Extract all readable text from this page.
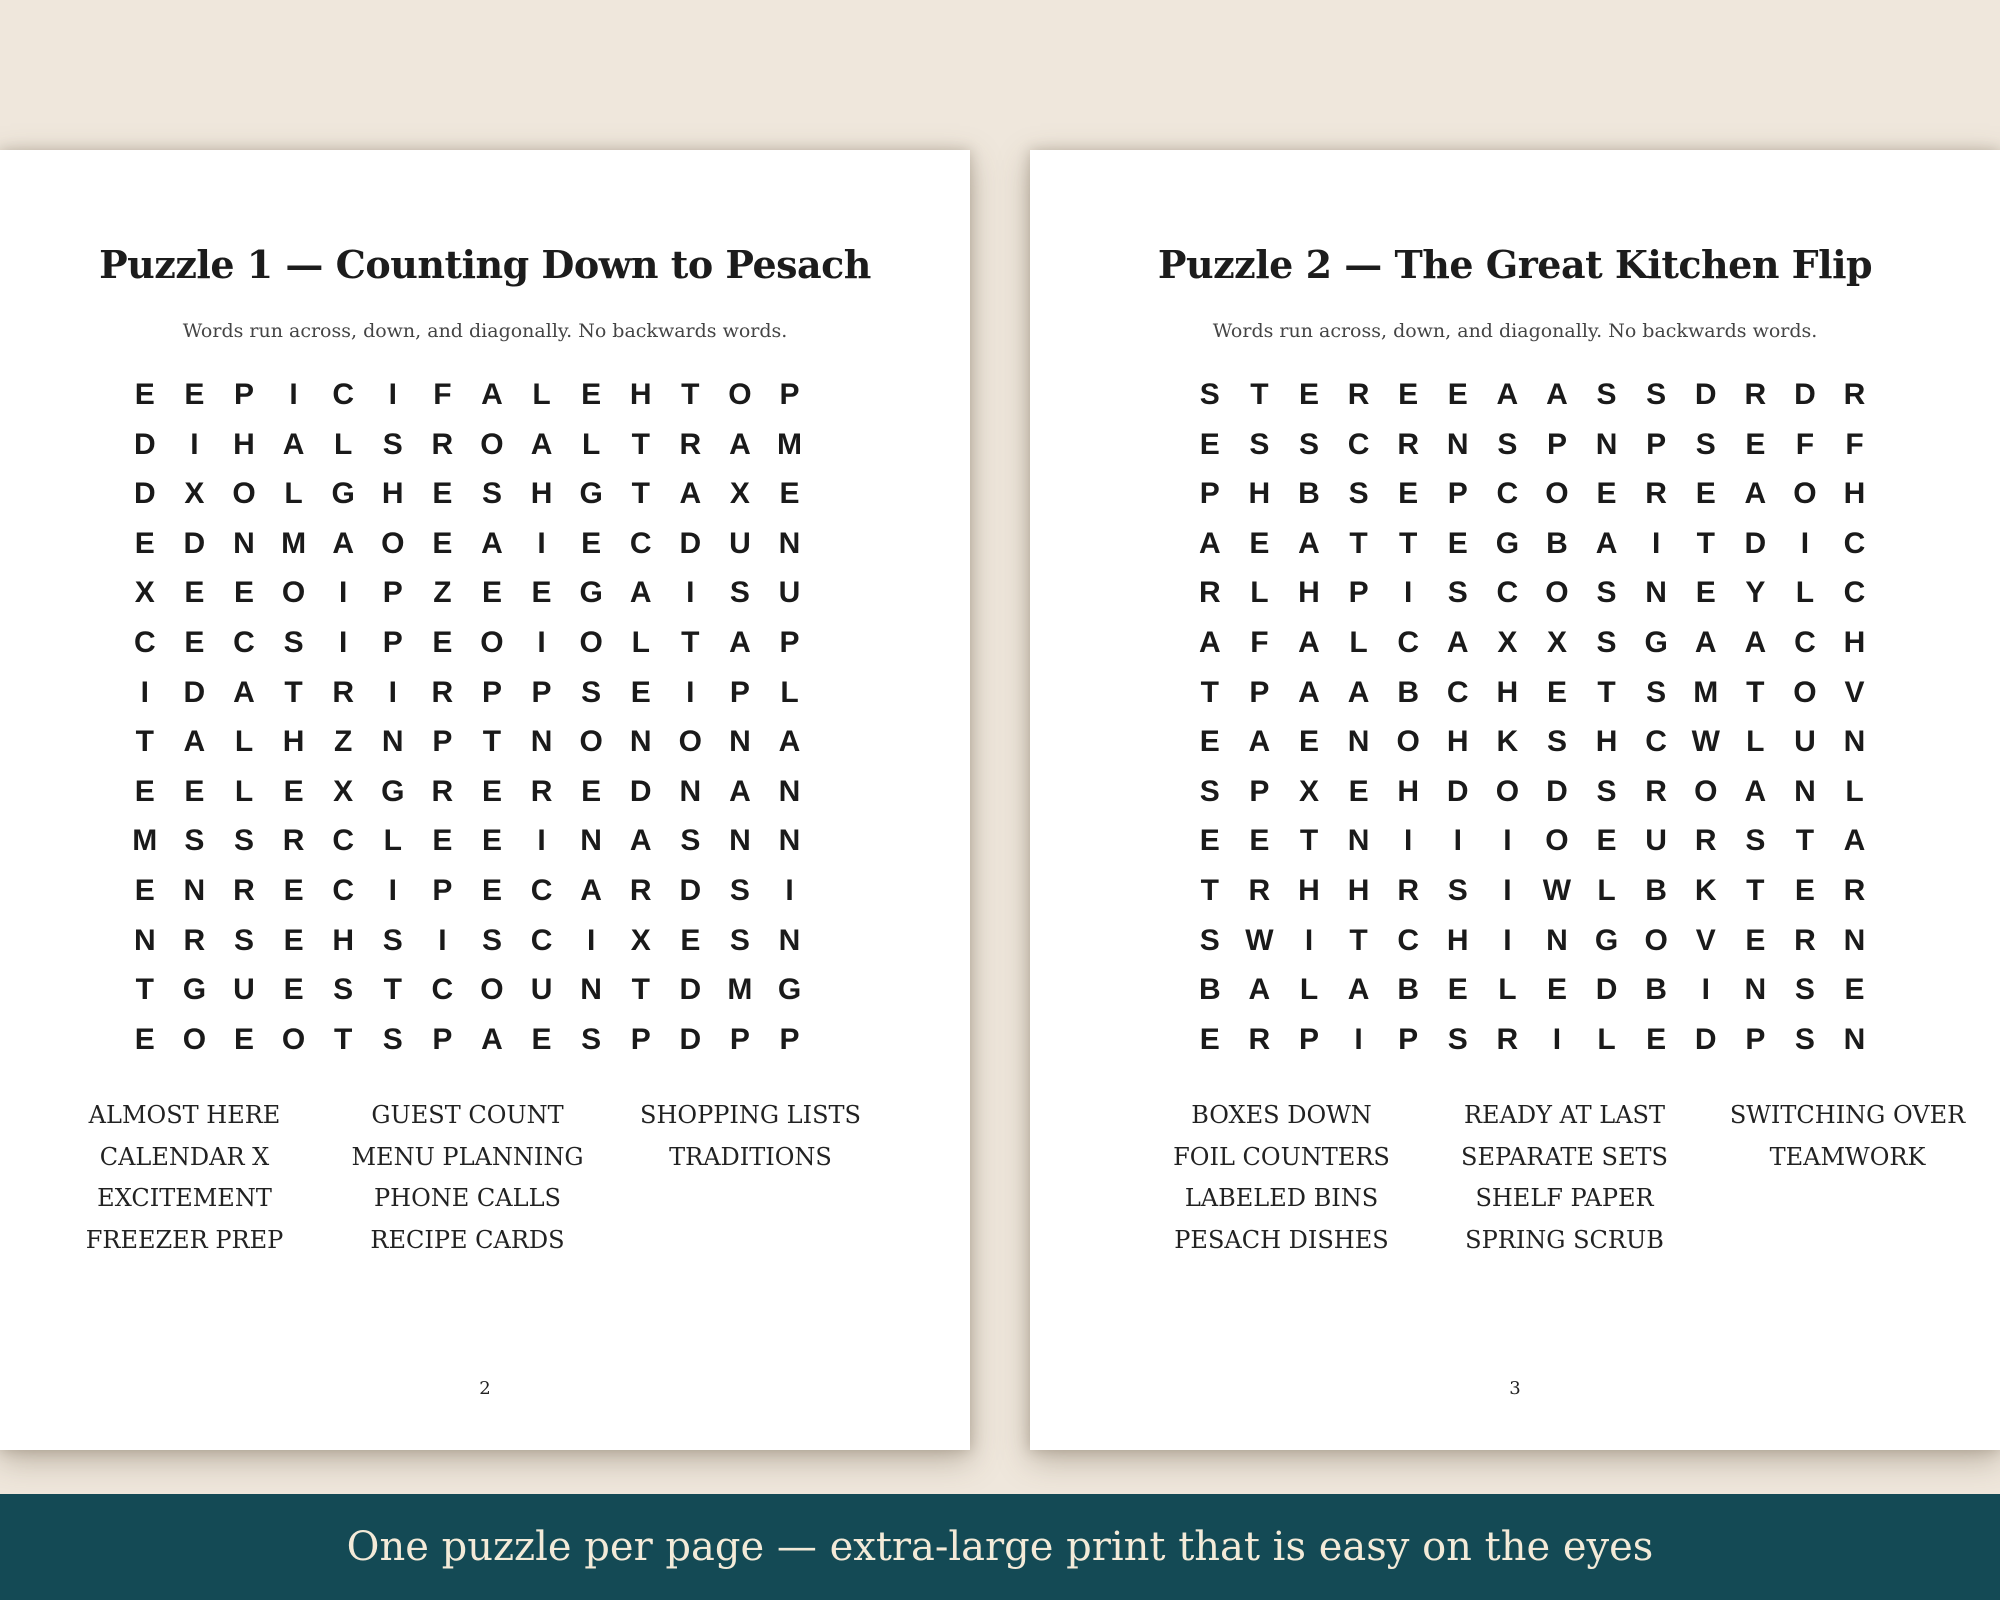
Puzzle 1 — Counting Down to Pesach
Words run across, down, and diagonally. No backwards words.
E E P	I	C	I	F A L	E H T O P
D	I	H A L	S R O A L	T R A M
D X O L G H E S H G T A X E
E D N M A O E A	I	E C D U N
X E E O	I	P	Z	E E G A	I	S U
C E C S	I	P E O	I	O L	T A P
I	D A T R	I	R P P S E	I	P	L
T A L H Z N P	T N O N O N A
E E	L	E X G R E R E D N A N
M S S R C L	E E	I	N A S N N
E N R E C	I	P E C A R D S	I
N R S E H S	I	S C	I	X E S N
T G U E S	T C O U N T D M G
E O E O T	S P A E S P D P P
ALMOST HERE
CALENDAR X
EXCITEMENT
FREEZER PREP
GUEST COUNT
MENU PLANNING
PHONE CALLS
RECIPE CARDS
SHOPPING LISTS
TRADITIONS
2
Puzzle 2 — The Great Kitchen Flip
Words run across, down, and diagonally. No backwards words.
S	T	E R E E A A S S D R D R
E S S C R N S P N P S E	F	F
P H B S E P C O E R E A O H
A E A T	T	E G B A	I	T D	I	C
R L H P	I	S C O S N E Y	L C
A F A L C A X X S G A A C H
T	P A A B C H E	T	S M T O V
E A E N O H K S H C W L U N
S P X E H D O D S R O A N L
E E	T N	I	I	I	O E U R S	T A
T R H H R S	I	W L B K T	E R
S W	I	T C H	I	N G O V E R N
B A L A B E	L	E D B	I	N S E
E R P	I	P S R	I	L	E D P S N
BOXES DOWN
FOIL COUNTERS
LABELED BINS
PESACH DISHES
READY AT LAST
SEPARATE SETS
SHELF PAPER
SPRING SCRUB
SWITCHING OVER
TEAMWORK
3
One puzzle per page — extra-large print that is easy on the eyes
